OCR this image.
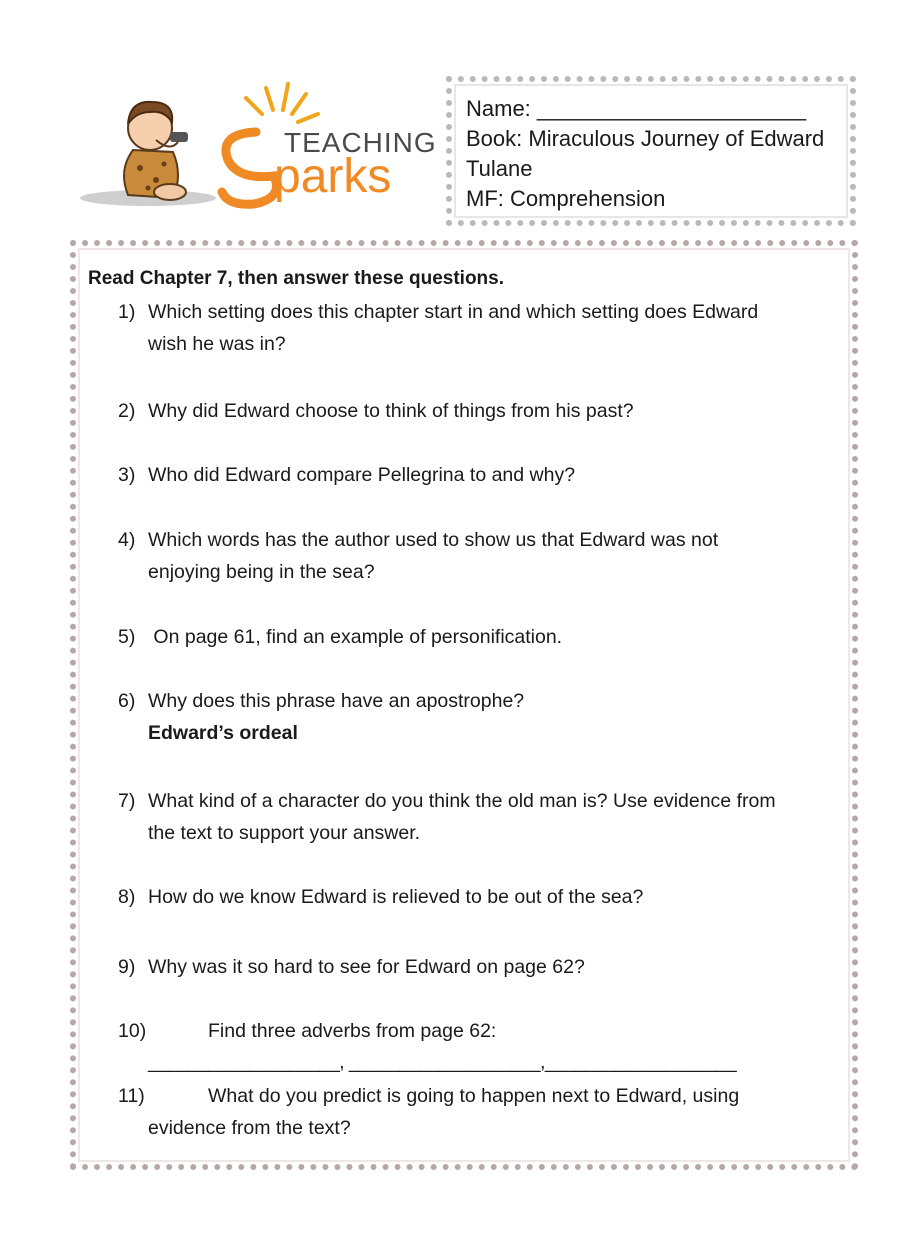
TEACHING
parks
Name: ______________________
Book: Miraculous Journey of Edward
Tulane
MF: Comprehension
Read Chapter 7, then answer these questions.
1) Which setting does this chapter start in and which setting does Edward
wish he was in?
2) Why did Edward choose to think of things from his past?
3) Who did Edward compare Pellegrina to and why?
4) Which words has the author used to show us that Edward was not
enjoying being in the sea?
5) On page 61, find an example of personification.
6) Why does this phrase have an apostrophe?
Edward’s ordeal
7) What kind of a character do you think the old man is? Use evidence from
the text to support your answer.
8) How do we know Edward is relieved to be out of the sea?
9) Why was it so hard to see for Edward on page 62?
10)	Find three adverbs from page 62:
___________________, ___________________,___________________
11)	What do you predict is going to happen next to Edward, using
evidence from the text?
